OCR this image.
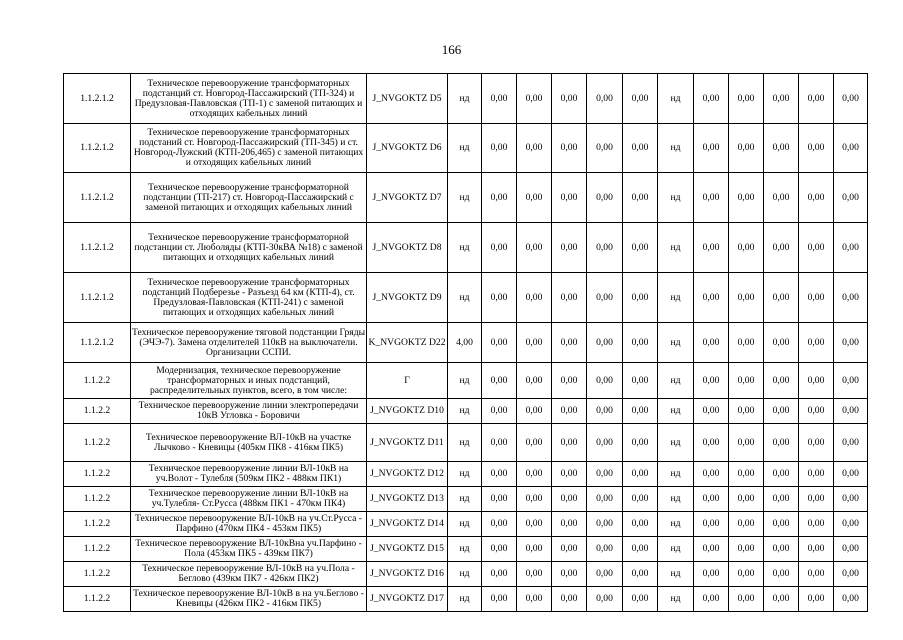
166
1.1.2.1.2	Техническое перевооружение трансформаторных подстанций ст. Новгород-Пассажирский (ТП-324) и Предузловая-Павловская (ТП-1) с заменой питающих и отходящих кабельных линий	J_NVGOKTZ D5	нд	0,00	0,00	0,00	0,00	0,00	нд	0,00	0,00	0,00	0,00	0,00
1.1.2.1.2	Техническое перевооружение трансформаторных подстаний ст. Новгород-Пассажирский (ТП-345) и ст. Новгород-Лужский (КТП-206,465) с заменой питающих и отходящих кабельных линий	J_NVGOKTZ D6	нд	0,00	0,00	0,00	0,00	0,00	нд	0,00	0,00	0,00	0,00	0,00
1.1.2.1.2	Техническое перевооружение трансформаторной подстанции (ТП-217) ст. Новгород-Пассажирский с заменой питающих и отходящих кабельных линий	J_NVGOKTZ D7	нд	0,00	0,00	0,00	0,00	0,00	нд	0,00	0,00	0,00	0,00	0,00
1.1.2.1.2	Техническое перевооружение трансформаторной подстанции ст. Люболяды (КТП-30кВА №18) с заменой питающих и отходящих кабельных линий	J_NVGOKTZ D8	нд	0,00	0,00	0,00	0,00	0,00	нд	0,00	0,00	0,00	0,00	0,00
1.1.2.1.2	Техническое перевооружение трансформаторных подстанций Подберезье - Разъезд 64 км (КТП-4), ст. Предузловая-Павловская (КТП-241) с заменой питающих и отходящих кабельных линий	J_NVGOKTZ D9	нд	0,00	0,00	0,00	0,00	0,00	нд	0,00	0,00	0,00	0,00	0,00
1.1.2.1.2	Техническое перевооружение тяговой подстанции Гряды (ЭЧЭ-7). Замена отделителей 110кВ на выключатели. Организации ССПИ.	K_NVGOKTZ D22	4,00	0,00	0,00	0,00	0,00	0,00	нд	0,00	0,00	0,00	0,00	0,00
1.1.2.2	Модернизация, техническое перевооружение трансформаторных и иных подстанций, распределительных пунктов, всего, в том числе:	Г	нд	0,00	0,00	0,00	0,00	0,00	нд	0,00	0,00	0,00	0,00	0,00
1.1.2.2	Техническое перевооружение линии электропередачи 10кВ Угловка - Боровичи	J_NVGOKTZ D10	нд	0,00	0,00	0,00	0,00	0,00	нд	0,00	0,00	0,00	0,00	0,00
1.1.2.2	Техническое перевооружение ВЛ-10кВ на участке Лычково - Кневицы (405км ПК8 - 416км ПК5)	J_NVGOKTZ D11	нд	0,00	0,00	0,00	0,00	0,00	нд	0,00	0,00	0,00	0,00	0,00
1.1.2.2	Техническое перевооружение линии ВЛ-10кВ на уч.Волот - Тулебля (509км ПК2 - 488км ПК1)	J_NVGOKTZ D12	нд	0,00	0,00	0,00	0,00	0,00	нд	0,00	0,00	0,00	0,00	0,00
1.1.2.2	Техническое перевооружение линии ВЛ-10кВ на уч.Тулебля- Ст.Русса (488км ПК1 - 470км ПК4)	J_NVGOKTZ D13	нд	0,00	0,00	0,00	0,00	0,00	нд	0,00	0,00	0,00	0,00	0,00
1.1.2.2	Техническое перевооружение ВЛ-10кВ на уч.Ст.Русса - Парфино (470км ПК4 - 453км ПК5)	J_NVGOKTZ D14	нд	0,00	0,00	0,00	0,00	0,00	нд	0,00	0,00	0,00	0,00	0,00
1.1.2.2	Техническое перевооружение ВЛ-10кВна уч.Парфино - Пола (453км ПК5 - 439км ПК7)	J_NVGOKTZ D15	нд	0,00	0,00	0,00	0,00	0,00	нд	0,00	0,00	0,00	0,00	0,00
1.1.2.2	Техническое перевооружение ВЛ-10кВ на уч.Пола - Беглово (439км ПК7 - 426км ПК2)	J_NVGOKTZ D16	нд	0,00	0,00	0,00	0,00	0,00	нд	0,00	0,00	0,00	0,00	0,00
1.1.2.2	Техническое перевооружение ВЛ-10кВ в на уч.Беглово - Кневицы (426км ПК2 - 416км ПК5)	J_NVGOKTZ D17	нд	0,00	0,00	0,00	0,00	0,00	нд	0,00	0,00	0,00	0,00	0,00
